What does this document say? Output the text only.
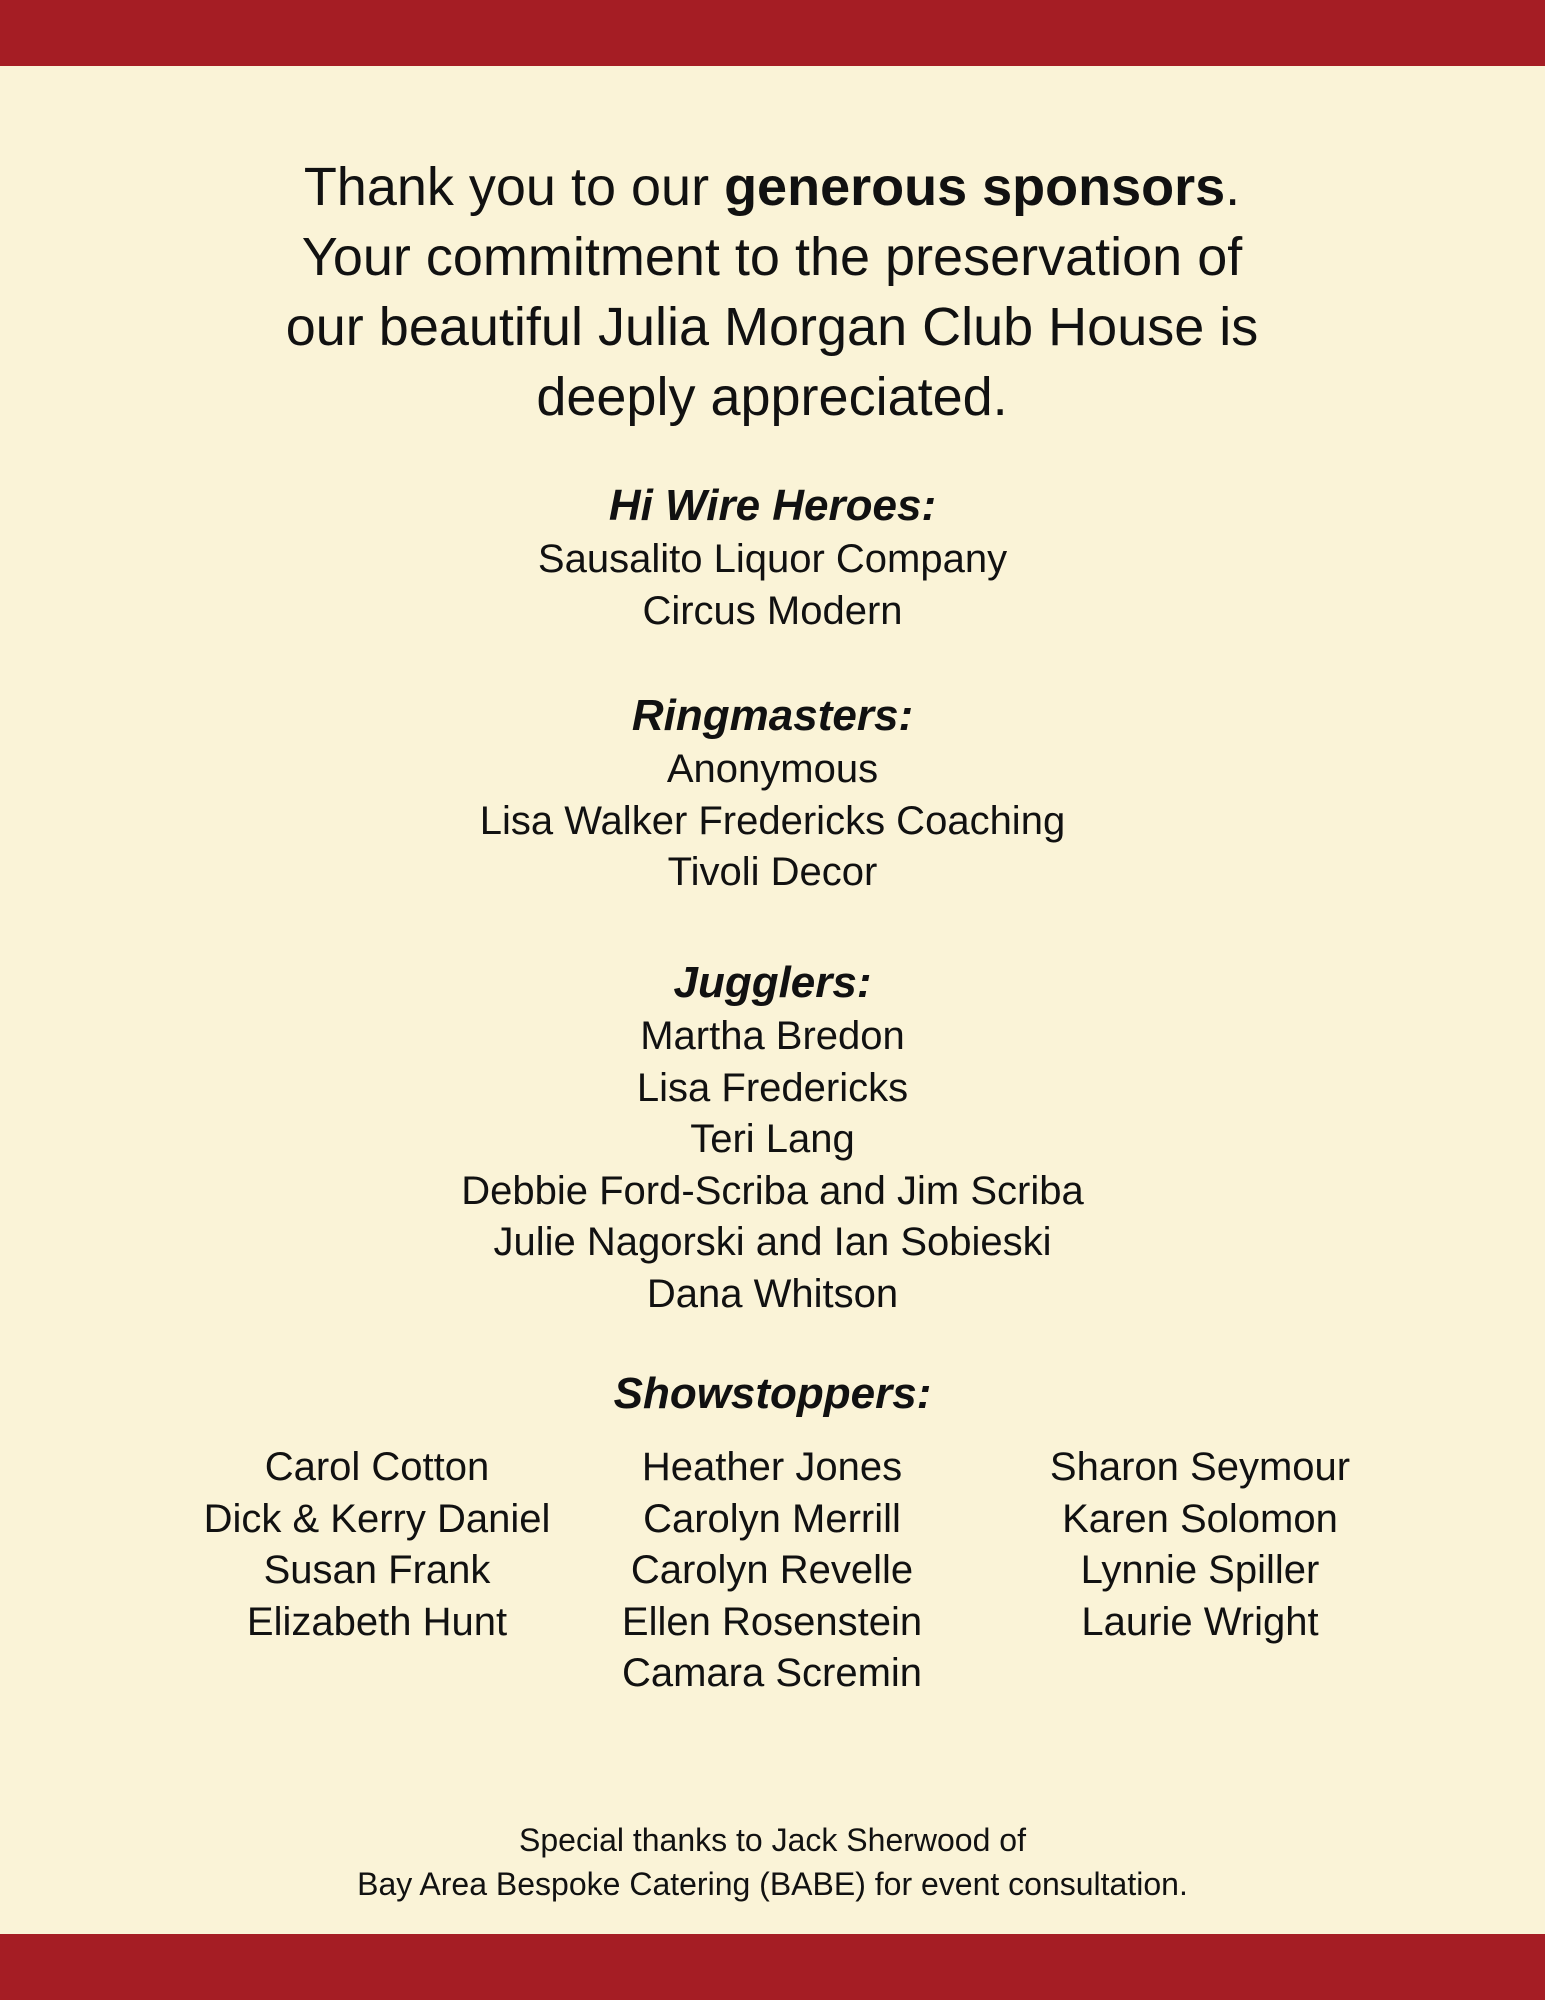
Thank you to our generous sponsors.
Your commitment to the preservation of
our beautiful Julia Morgan Club House is
deeply appreciated.
Hi Wire Heroes:
Sausalito Liquor Company
Circus Modern
Ringmasters:
Anonymous
Lisa Walker Fredericks Coaching
Tivoli Decor
Jugglers:
Martha Bredon
Lisa Fredericks
Teri Lang
Debbie Ford-Scriba and Jim Scriba
Julie Nagorski and Ian Sobieski
Dana Whitson
Showstoppers:
Carol Cotton
Dick & Kerry Daniel
Susan Frank
Elizabeth Hunt
Heather Jones
Carolyn Merrill
Carolyn Revelle
Ellen Rosenstein
Camara Scremin
Sharon Seymour
Karen Solomon
Lynnie Spiller
Laurie Wright
Special thanks to Jack Sherwood of
Bay Area Bespoke Catering (BABE) for event consultation.
